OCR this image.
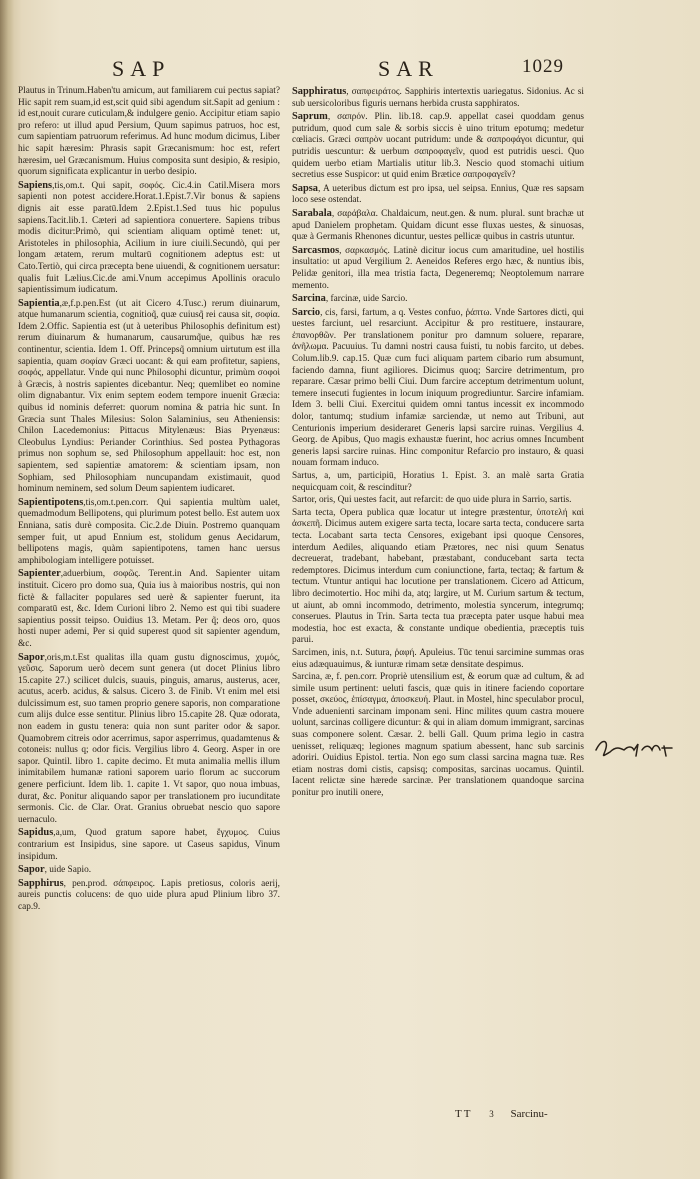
SAP	SAR	1029

Plautus in Trinum.Haben'tu amicum, aut familiarem cui pectus sapiat? Hic sapit rem suam,id est,scit quid sibi agendum sit.Sapit ad genium : id est,nouit curare cuticulam,& indulgere genio. Accipitur etiam sapio pro refero: ut illud apud Persium, Quum sapimus patruos, hoc est, cum sapientiam patruorum referimus. Ad hunc modum dicimus, Liber hic sapit hæresim: Phrasis sapit Græcanismum: hoc est, refert hæresim, uel Græcanismum. Huius composita sunt desipio, & resipio, quorum significata explicantur in uerbo desipio.

Sapiens,tis,om.t. Qui sapit, σοφός. Cic.4.in Catil.Misera mors sapienti non potest accidere.Horat.1.Epist.7.Vir bonus & sapiens dignis ait esse paratū.Idem 2.Epist.1.Sed tuus hic populus sapiens.Tacit.lib.1. Cæteri ad sapientiora conuertere. Sapiens tribus modis dicitur:Primò, qui scientiam aliquam optimè tenet: ut, Aristoteles in philosophia, Acilium in iure ciuili.Secundò, qui per longam ætatem, rerum multarū cognitionem adeptus est: ut Cato.Tertiò, qui circa præcepta bene uiuendi, & cognitionem uersatur: qualis fuit Lælius.Cic.de ami.Vnum accepimus Apollinis oraculo sapientissimum iudicatum.

Sapientia,æ,f.p.pen.Est (ut ait Cicero 4.Tusc.) rerum diuinarum, atque humanarum scientia, cognitioq̃, quæ cuiusq̃ rei causa sit, σοφία. Idem 2.Offic. Sapientia est (ut à ueteribus Philosophis definitum est) rerum diuinarum & humanarum, causarumq̃ue, quibus hæ res continentur, scientia. Idem 1. Off. Princepsq̃ omnium uirtutum est illa sapientia, quam σοφίαν Græci uocant: & qui eam profitetur, sapiens, σοφός, appellatur. Vnde qui nunc Philosophi dicuntur, primùm σοφοὶ à Græcis, à nostris sapientes dicebantur. Neq; quemlibet eo nomine olim dignabantur. Vix enim septem eodem tempore inuenit Græcia: quibus id nominis deferret: quorum nomina & patria hic sunt. In Græcia sunt Thales Milesius: Solon Salaminius, seu Atheniensis: Chilon Lacedemonius: Pittacus Mitylenæus: Bias Pryenæus: Cleobulus Lyndius: Periander Corinthius. Sed postea Pythagoras primus non sophum se, sed Philosophum appellauit: hoc est, non sapientem, sed sapientiæ amatorem: & scientiam ipsam, non Sophiam, sed Philosophiam nuncupandam existimauit, quod hominum neminem, sed solum Deum sapientem iudicaret.

Sapientipotens,tis,om.t.pen.corr. Qui sapientia multùm ualet, quemadmodum Bellipotens, qui plurimum potest bello. Est autem uox Enniana, satis durè composita. Cic.2.de Diuin. Postremo quanquam semper fuit, ut apud Ennium est, stolidum genus Aecidarum, bellipotens magis, quàm sapientipotens, tamen hanc uersus amphibologiam intelligere potuisset.

Sapienter,aduerbium, σοφῶς. Terent.in And. Sapienter uitam instituit. Cicero pro domo sua, Quia ius à maioribus nostris, qui non fictè & fallaciter populares sed uerè & sapienter fuerunt, ita comparatū est, &c. Idem Curioni libro 2. Nemo est qui tibi suadere sapientius possit teipso. Ouidius 13. Metam. Per q̃; deos oro, quos hosti nuper ademi, Per si quid superest quod sit sapienter agendum, &c.

Sapor,oris,m.t.Est qualitas illa quam gustu dignoscimus, χυμός, γεῦσις. Saporum uerò decem sunt genera (ut docet Plinius libro 15.capite 27.) scilicet dulcis, suauis, pinguis, amarus, austerus, acer, acutus, acerb. acidus, & salsus. Cicero 3. de Finib. Vt enim mel etsi dulcissimum est, suo tamen proprio genere saporis, non comparatione cum alijs dulce esse sentitur. Plinius libro 15.capite 28. Quæ odorata, non eadem in gustu tenera: quia non sunt pariter odor & sapor. Quamobrem citreis odor acerrimus, sapor asperrimus, quadamtenus & cotoneis: nullus q; odor ficis. Vergilius libro 4. Georg. Asper in ore sapor. Quintil. libro 1. capite decimo. Et muta animalia mellis illum inimitabilem humanæ rationi saporem uario florum ac succorum genere perficiunt. Idem lib. 1. capite 1. Vt sapor, quo noua imbuas, durat, &c. Ponitur aliquando sapor per translationem pro iucunditate sermonis. Cic. de Clar. Orat. Granius obruebat nescio quo sapore uernaculo.

Sapidus,a,um, Quod gratum sapore habet, ἔγχυμος. Cuius contrarium est Insipidus, sine sapore. ut Caseus sapidus, Vinum insipidum.

Sapor, uide Sapio.

Sapphirus, pen.prod. σάπφειρος. Lapis pretiosus, coloris aerij, aureis punctis colucens: de quo uide plura apud Plinium libro 37. cap.9.

Sapphiratus, σαπφειράτος. Sapphiris intertextis uariegatus. Sidonius. Ac si sub uersicoloribus figuris uernans herbida crusta sapphiratos.

Saprum, σαπρόν. Plin. lib.18. cap.9. appellat casei quoddam genus putridum, quod cum sale & sorbis siccis è uino tritum epotumq; medetur cœliacis. Græci σαπρὸν uocant putridum: unde & σαπροφάγοι dicuntur, qui putridis uescuntur: & uerbum σαπροφαγεῖν, quod est putridis uesci. Quo quidem uerbo etiam Martialis utitur lib.3. Nescio quod stomachi uitium secretius esse Suspicor: ut quid enim Brætice σαπροφαγεῖν?

Sapsa, A ueteribus dictum est pro ipsa, uel seipsa. Ennius, Quæ res sapsam loco sese ostendat.

Sarabala, σαράβαλα. Chaldaicum, neut.gen. & num. plural. sunt brachæ ut apud Danielem prophetam. Quidam dicunt esse fluxas uestes, & sinuosas, quæ à Germanis Rhenones dicuntur, uestes pellicæ quibus in castris utuntur.

Sarcasmos, σαρκασμός. Latinè dicitur iocus cum amaritudine, uel hostilis insultatio: ut apud Vergilium 2. Aeneidos Referes ergo hæc, & nuntius ibis, Pelidæ genitori, illa mea tristia facta, Degeneremq; Neoptolemum narrare memento.

Sarcina, farcinæ, uide Sarcio.

Sarcio, cis, farsi, fartum, a q. Vestes confuo, ῥάπτω. Vnde Sartores dicti, qui uestes farciunt, uel resarciunt. Accipitur & pro restituere, instaurare, ἐπανορθῶν. Per translationem ponitur pro damnum soluere, reparare, ἀνῆλωμα. Pacuuius. Tu damni nostri causa fuisti, tu nobis farcito, ut debes. Colum.lib.9. cap.15. Quæ cum fuci aliquam partem cibario rum absumunt, faciendo damna, fiunt agiliores. Dicimus quoq; Sarcire detrimentum, pro reparare. Cæsar primo belli Ciui. Dum farcire acceptum detrimentum uolunt, temere insecuti fugientes in locum iniquum progrediuntur. Sarcire infamiam. Idem 3. belli Ciui. Exercitui quidem omni tantus incessit ex incommodo dolor, tantumq; studium infamiæ sarciendæ, ut nemo aut Tribuni, aut Centurionis imperium desideraret Generis lapsi sarcire ruinas. Vergilius 4. Georg. de Apibus, Quo magis exhaustæ fuerint, hoc acrius omnes Incumbent generis lapsi sarcire ruinas. Hinc componitur Refarcio pro instauro, & quasi nouam formam induco.

Sartus, a, um, participiū, Horatius 1. Epist. 3. an malè sarta Gratia nequicquam coit, & rescinditur?

Sartor, oris, Qui uestes facit, aut refarcit: de quo uide plura in Sarrio, sartis.

Sarta tecta, Opera publica quæ locatur ut integre præstentur, ὑποτελή καὶ ἀσκεπῆ. Dicimus autem exigere sarta tecta, locare sarta tecta, conducere sarta tecta. Locabant sarta tecta Censores, exigebant ipsi quoque Censores, interdum Aediles, aliquando etiam Prætores, nec nisi quum Senatus decreuerat, tradebant, habebant, præstabant, conducebant sarta tecta redemptores. Dicimus interdum cum coniunctione, farta, tectaq; & fartum & tectum. Vtuntur antiqui hac locutione per translationem. Cicero ad Atticum, libro decimotertio. Hoc mihi da, atq; largire, ut M. Curium sartum & tectum, ut aiunt, ab omni incommodo, detrimento, molestia syncerum, integrumq; conserues. Plautus in Trin. Sarta tecta tua præcepta pater usque habui mea modestia, hoc est exacta, & constante undique obedientia, præceptis tuis parui.

Sarcimen, inis, n.t. Sutura, ῥαφή. Apuleius. Tūc tenui sarcimine summas oras eius adæquauimus, & iunturæ rimam setæ densitate despimus.

Sarcina, æ, f. pen.corr. Propriè utensilium est, & eorum quæ ad cultum, & ad simile usum pertinent: ueluti fascis, quæ quis in itinere faciendo coportare posset, σκεύος, ἐπίσαγμα, ἀποσκευή. Plaut. in Mostel, hinc speculabor procul, Vnde aduenienti sarcinam imponam seni. Hinc milites quum castra mouere uolunt, sarcinas colligere dicuntur: & qui in aliam domum immigrant, sarcinas suas componere solent. Cæsar. 2. belli Gall. Quum prima legio in castra uenisset, reliquæq; legiones magnum spatium abessent, hanc sub sarcinis adoriri. Ouidius Epistol. tertia. Non ego sum classi sarcina magna tuæ. Res etiam nostras domi cistis, capsisq; compositas, sarcinas uocamus. Quintil. Iacent relictæ sine hærede sarcinæ. Per translationem quandoque sarcina ponitur pro inutili onere,

TT 3 Sarcinu-
